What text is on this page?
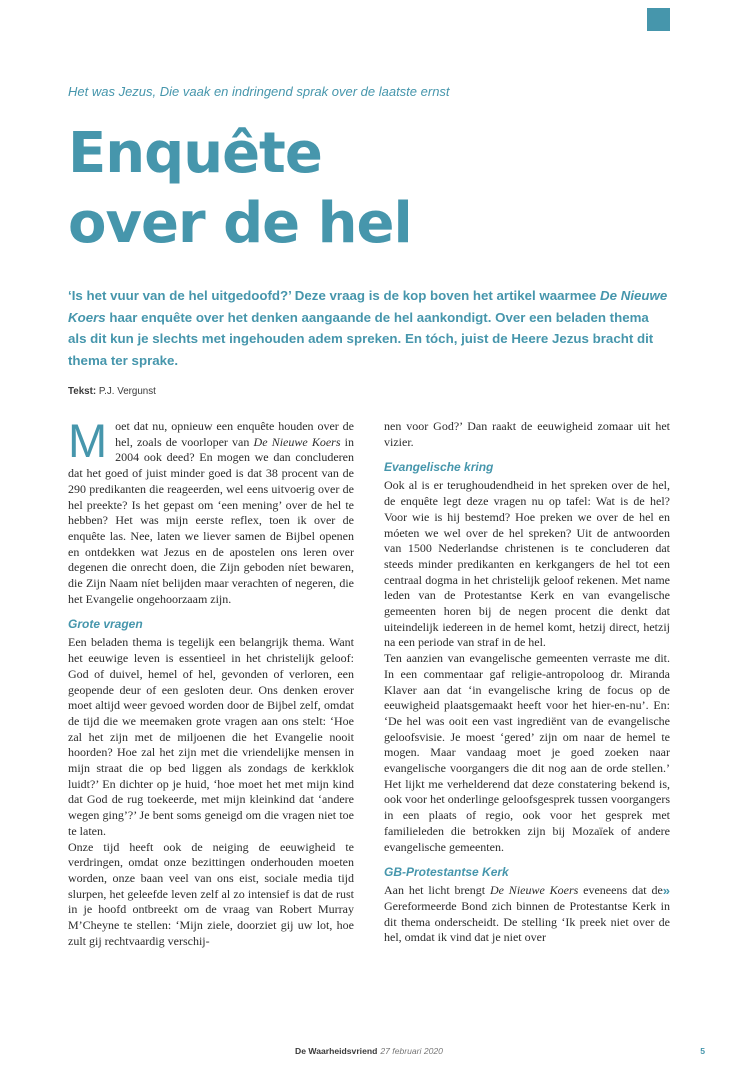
Het was Jezus, Die vaak en indringend sprak over de laatste ernst
Enquête
over de hel

‘Is het vuur van de hel uitgedoofd?’ Deze vraag is de kop boven het artikel waarmee De Nieuwe Koers haar enquête over het denken aangaande de hel aankondigt. Over een beladen thema als dit kun je slechts met ingehouden adem spreken. En tóch, juist de Heere Jezus bracht dit thema ter sprake.

Tekst: P.J. Vergunst

Moet dat nu, opnieuw een enquête houden over de hel, zoals de voorloper van De Nieuwe Koers in 2004 ook deed? En mogen we dan concluderen dat het goed of juist minder goed is dat 38 procent van de 290 predikanten die reageerden, wel eens uitvoerig over de hel preekte? Is het gepast om ‘een mening’ over de hel te hebben? Het was mijn eerste reflex, toen ik over de enquête las. Nee, laten we liever samen de Bijbel openen en ontdekken wat Jezus en de apostelen ons leren over degenen die onrecht doen, die Zijn geboden níet bewaren, die Zijn Naam níet belijden maar verachten of negeren, die het Evangelie ongehoorzaam zijn.

Grote vragen

Een beladen thema is tegelijk een belangrijk thema. Want het eeuwige leven is essentieel in het christelijk geloof: God of duivel, hemel of hel, gevonden of verloren, een geopende deur of een gesloten deur. Ons denken erover moet altijd weer gevoed worden door de Bijbel zelf, omdat de tijd die we meemaken grote vragen aan ons stelt: ‘Hoe zal het zijn met de miljoenen die het Evangelie nooit hoorden? Hoe zal het zijn met die vriendelijke mensen in mijn straat die op bed liggen als zondags de kerkklok luidt?’ En dichter op je huid, ‘hoe moet het met mijn kind dat God de rug toekeerde, met mijn kleinkind dat ‘andere wegen ging’?’ Je bent soms geneigd om die vragen niet toe te laten.

Onze tijd heeft ook de neiging de eeuwigheid te verdringen, omdat onze bezittingen onderhouden moeten worden, onze baan veel van ons eist, sociale media tijd slurpen, het geleefde leven zelf al zo intensief is dat de rust in je hoofd ontbreekt om de vraag van Robert Murray M’Cheyne te stellen: ‘Mijn ziele, doorziet gij uw lot, hoe zult gij rechtvaardig verschij-

nen voor God?’ Dan raakt de eeuwigheid zomaar uit het vizier.

Evangelische kring

Ook al is er terughoudendheid in het spreken over de hel, de enquête legt deze vragen nu op tafel: Wat is de hel? Voor wie is hij bestemd? Hoe preken we over de hel en móeten we wel over de hel spreken? Uit de antwoorden van 1500 Nederlandse christenen is te concluderen dat steeds minder predikanten en kerkgangers de hel tot een centraal dogma in het christelijk geloof rekenen. Met name leden van de Protestantse Kerk en van evangelische gemeenten horen bij de negen procent die denkt dat uiteindelijk iedereen in de hemel komt, hetzij direct, hetzij na een periode van straf in de hel.

Ten aanzien van evangelische gemeenten verraste me dit. In een commentaar gaf religie-antropoloog dr. Miranda Klaver aan dat ‘in evangelische kring de focus op de eeuwigheid plaatsgemaakt heeft voor het hier-en-nu’. En: ‘De hel was ooit een vast ingrediënt van de evangelische geloofsvisie. Je moest ‘gered’ zijn om naar de hemel te mogen. Maar vandaag moet je goed zoeken naar evangelische voorgangers die dit nog aan de orde stellen.’ Het lijkt me verhelderend dat deze constatering bekend is, ook voor het onderlinge geloofsgesprek tussen voorgangers in een plaats of regio, ook voor het gesprek met familieleden die betrokken zijn bij Mozaïek of andere evangelische gemeenten.

GB-Protestantse Kerk

»
Aan het licht brengt De Nieuwe Koers eveneens dat de Gereformeerde Bond zich binnen de Protestantse Kerk in dit thema onderscheidt. De stelling ‘Ik preek niet over de hel, omdat ik vind dat je niet over

De Waarheidsvriend 27 februari 2020	5
